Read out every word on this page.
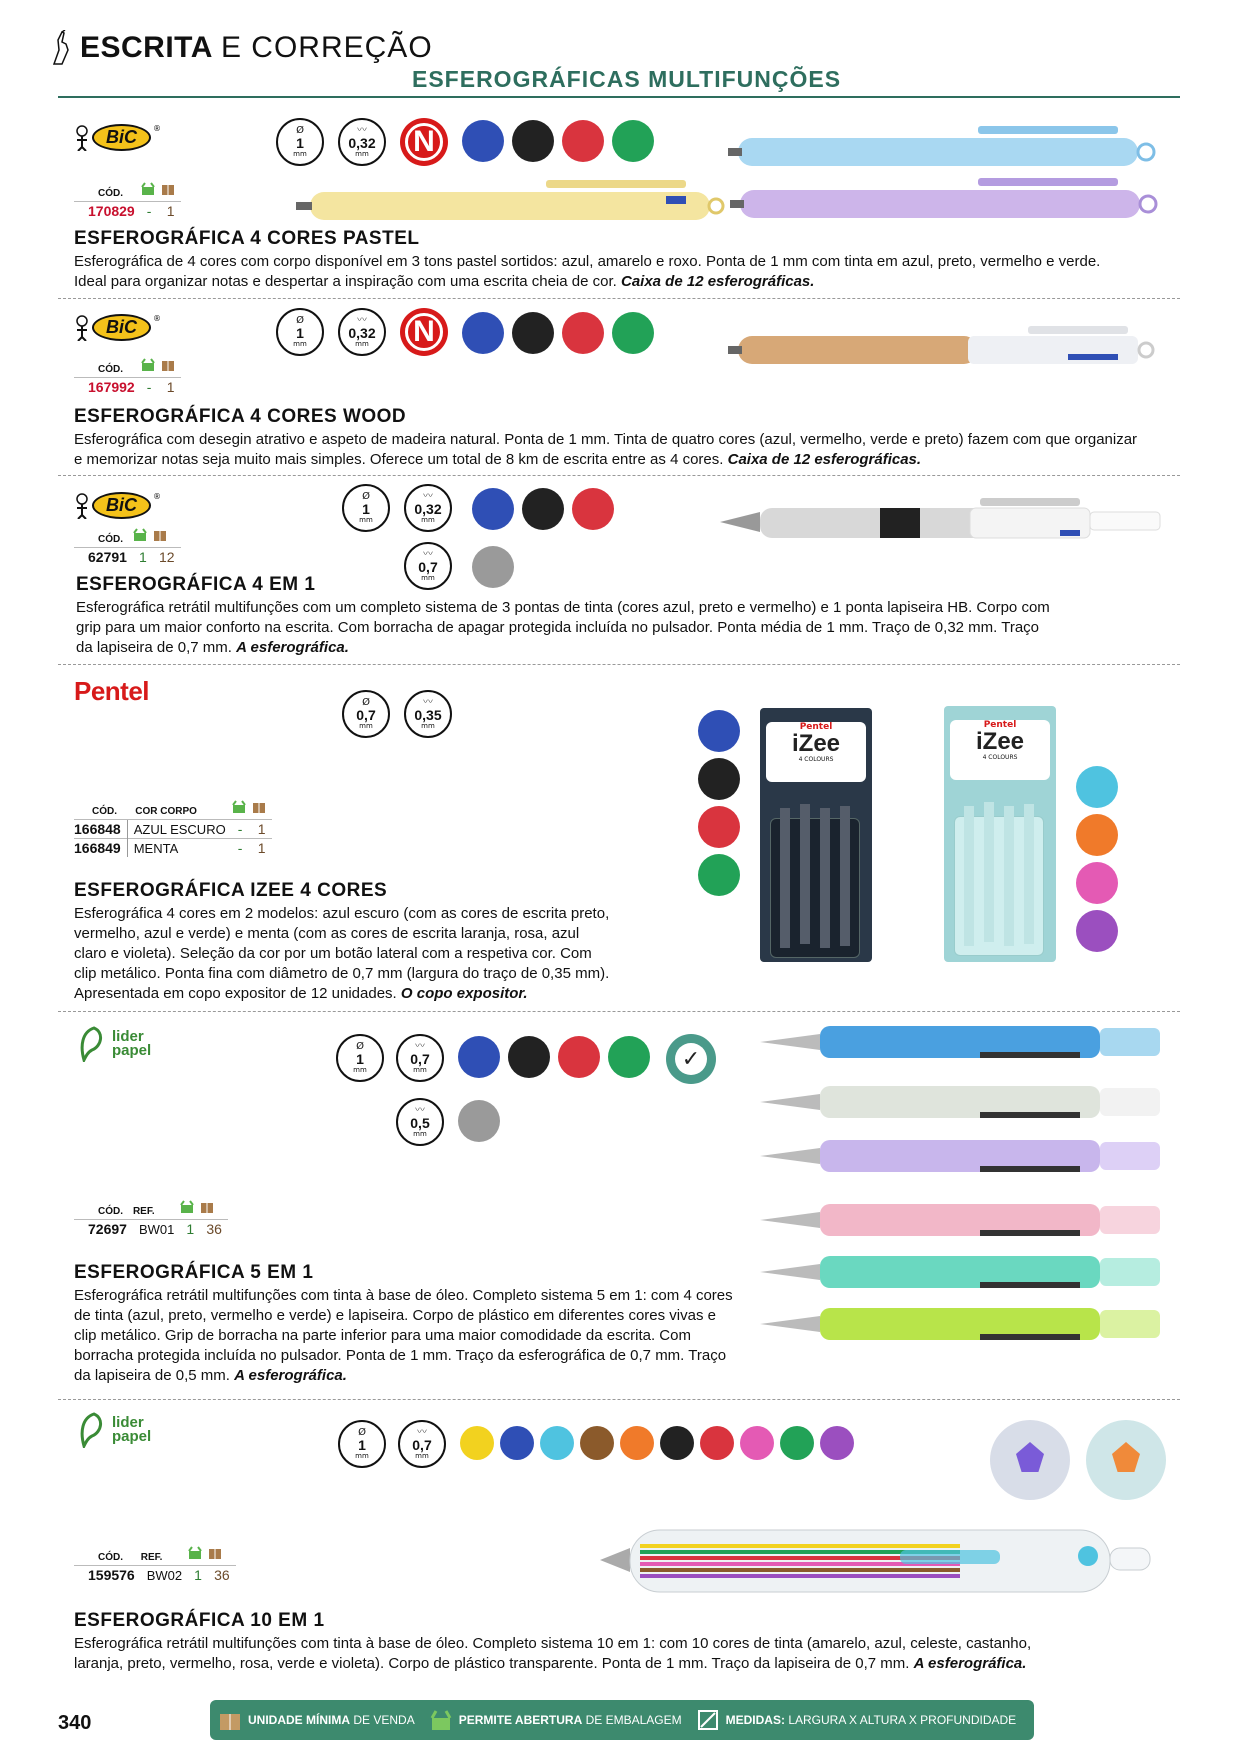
ESCRITA E CORREÇÃO
ESFEROGRÁFICAS MULTIFUNÇÕES
BiC	®
CÓD.		
170829	-	1
Ø
1
mm
〰
0,32
mm N
ESFEROGRÁFICA 4 CORES PASTEL
Esferográfica de 4 cores com corpo disponível em 3 tons pastel sortidos: azul, amarelo e roxo. Ponta de 1 mm com tinta em azul, preto, vermelho e verde. Ideal para organizar notas e despertar a inspiração com uma escrita cheia de cor. Caixa de 12 esferográficas.
BiC	®
CÓD.		
167992	-	1
Ø
1
mm
〰
0,32
mm N
ESFEROGRÁFICA 4 CORES WOOD
Esferográfica com desegin atrativo e aspeto de madeira natural. Ponta de 1 mm. Tinta de quatro cores (azul, vermelho, verde e preto) fazem com que organizar e memorizar notas seja muito mais simples. Oferece um total de 8 km de escrita entre as 4 cores. Caixa de 12 esferográficas.
BiC	®
CÓD.		
62791	1	12
Ø
1
mm
〰
0,32
mm
〰
0,7
mm
ESFEROGRÁFICA 4 EM 1
Esferográfica retrátil multifunções com um completo sistema de 3 pontas de tinta (cores azul, preto e vermelho) e 1 ponta lapiseira HB. Corpo com grip para um maior conforto na escrita. Com borracha de apagar protegida incluída no pulsador. Ponta média de 1 mm. Traço de 0,32 mm. Traço da lapiseira de 0,7 mm. A esferográfica.
Pentel	Ø
0,7
mm
〰
0,35
mm
CÓD.	COR CORPO		
166848	AZUL ESCURO	-	1
166849	MENTA	-	1
Pentel
iZee
4 COLOURS
Pentel
iZee
4 COLOURS
ESFEROGRÁFICA IZEE 4 CORES
Esferográfica 4 cores em 2 modelos: azul escuro (com as cores de escrita preto, vermelho, azul e verde) e menta (com as cores de escrita laranja, rosa, azul claro e violeta). Seleção da cor por um botão lateral com a respetiva cor. Com clip metálico. Ponta fina com diâmetro de 0,7 mm (largura do traço de 0,35 mm). Apresentada em copo expositor de 12 unidades. O copo expositor.
lider
papel	Ø
1
mm
〰
0,7
mm
〰
0,5
mm
✓
CÓD.	REF.		
72697	BW01	1	36
ESFEROGRÁFICA 5 EM 1
Esferográfica retrátil multifunções com tinta à base de óleo. Completo sistema 5 em 1: com 4 cores de tinta (azul, preto, vermelho e verde) e lapiseira. Corpo de plástico em diferentes cores vivas e clip metálico. Grip de borracha na parte inferior para uma maior comodidade da escrita. Com borracha protegida incluída no pulsador. Ponta de 1 mm. Traço da esferográfica de 0,7 mm. Traço da lapiseira de 0,5 mm. A esferográfica.
lider
papel	Ø
1
mm
〰
0,7
mm
CÓD.	REF.		
159576	BW02	1	36
ESFEROGRÁFICA 10 EM 1
Esferográfica retrátil multifunções com tinta à base de óleo. Completo sistema 10 em 1: com 10 cores de tinta (amarelo, azul, celeste, castanho, laranja, preto, vermelho, rosa, verde e violeta). Corpo de plástico transparente. Ponta de 1 mm. Traço da lapiseira de 0,7 mm. A esferográfica.
340	UNIDADE MÍNIMA DE VENDA	PERMITE ABERTURA DE EMBALAGEM	MEDIDAS: LARGURA X ALTURA X PROFUNDIDADE
